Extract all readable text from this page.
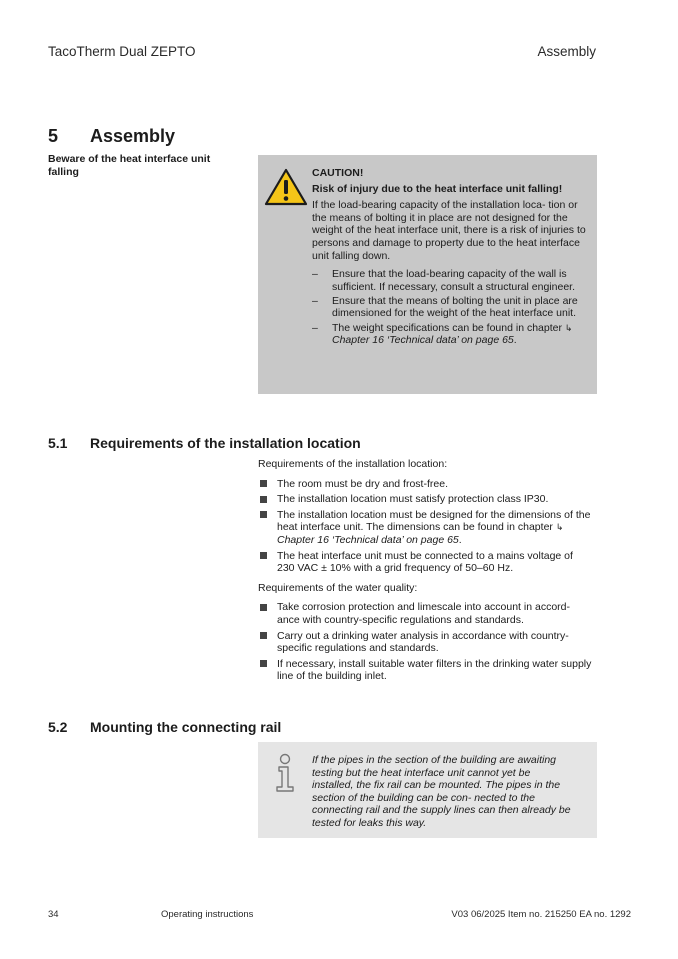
TacoTherm Dual ZEPTO	Assembly
5 Assembly
Beware of the heat interface unit falling	CAUTION!
Risk of injury due to the heat interface unit falling!
If the load-bearing capacity of the installation loca- tion or the means of bolting it in place are not designed for the weight of the heat interface unit, there is a risk of injuries to persons and damage to property due to the heat interface unit falling down.
– Ensure that the load-bearing capacity of the wall is sufficient. If necessary, consult a structural engineer.
– Ensure that the means of bolting the unit in place are dimensioned for the weight of the heat interface unit.
– The weight specifications can be found in chapter ↳ Chapter 16 ‘Technical data’ on page 65.
5.1 Requirements of the installation location
Requirements of the installation location:
The room must be dry and frost-free.
The installation location must satisfy protection class IP30.
The installation location must be designed for the dimensions of the heat interface unit. The dimensions can be found in chapter ↳ Chapter 16 ‘Technical data’ on page 65.
The heat interface unit must be connected to a mains voltage of 230 VAC ± 10% with a grid frequency of 50–60 Hz.
Requirements of the water quality:
Take corrosion protection and limescale into account in accord- ance with country-specific regulations and standards.
Carry out a drinking water analysis in accordance with country- specific regulations and standards.
If necessary, install suitable water filters in the drinking water supply line of the building inlet.
5.2 Mounting the connecting rail
If the pipes in the section of the building are awaiting testing but the heat interface unit cannot yet be installed, the fix rail can be mounted. The pipes in the section of the building can be con- nected to the connecting rail and the supply lines can then already be tested for leaks this way.
34	Operating instructions	V03 06/2025 Item no. 215250 EA no. 1292
